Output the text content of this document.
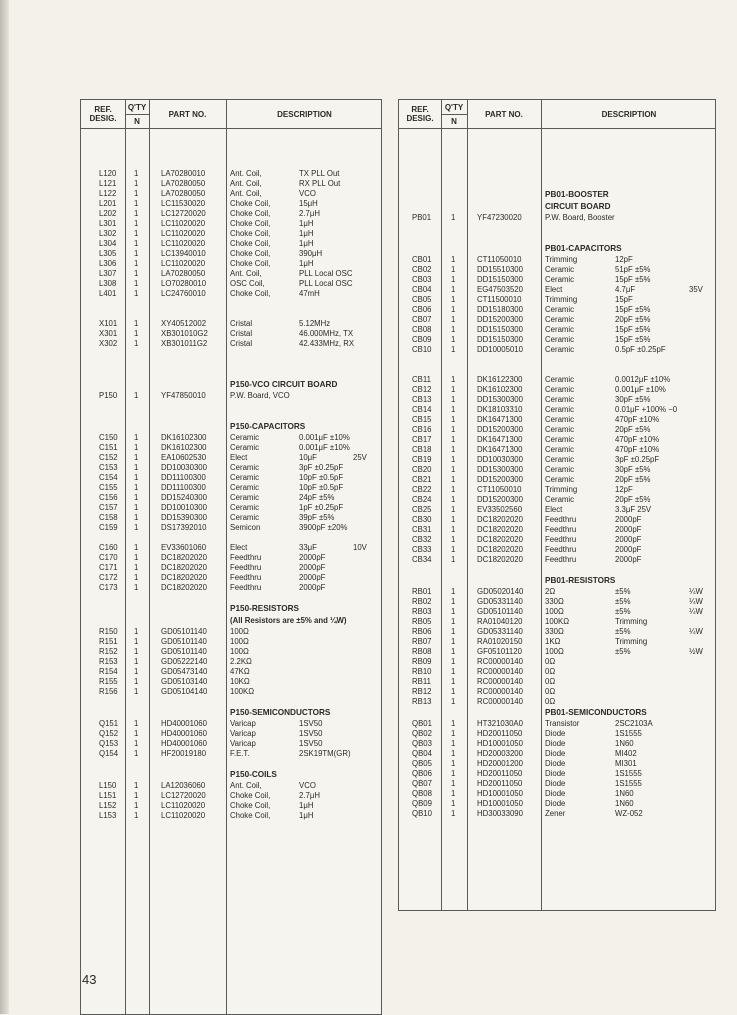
REF.
DESIG.
Q'TY
N
PART NO.	DESCRIPTION
L120 1	LA70280010	Ant. Coil,	TX PLL Out
L121 1	LA70280050	Ant. Coil,	RX PLL Out
L122 1	LA70280050	Ant. Coil,	VCO
L201 1	LC11530020	Choke Coil,	15μH
L202 1	LC12720020	Choke Coil,	2.7μH
L301 1	LC11020020	Choke Coil,	1μH
L302 1	LC11020020	Choke Coil,	1μH
L304 1	LC11020020	Choke Coil,	1μH
L305 1	LC13940010	Choke Coil,	390μH
L306 1	LC11020020	Choke Coil,	1μH
L307 1	LA70280050	Ant. Coil,	PLL Local OSC
L308 1	LO70280010	OSC Coil,	PLL Local OSC
L401 1	LC24760010	Choke Coil,	47mH
X101 1	XY40512002	Cristal	5.12MHz
X301 1	XB301010G2	Cristal	46.000MHz, TX
X302 1	XB301011G2	Cristal	42.433MHz, RX
P150-VCO CIRCUIT BOARD
P150 1	YF47850010	P.W. Board, VCO
P150-CAPACITORS
C150 1	DK16102300	Ceramic	0.001μF ±10%
C151 1	DK16102300	Ceramic	0.001μF ±10%
C152 1	EA10602530	Elect	10μF	25V
C153 1	DD10030300	Ceramic	3pF ±0.25pF
C154 1	DD11100300	Ceramic	10pF ±0.5pF
C155 1	DD11100300	Ceramic	10pF ±0.5pF
C156 1	DD15240300	Ceramic	24pF ±5%
C157 1	DD10010300	Ceramic	1pF ±0.25pF
C158 1	DD15390300	Ceramic	39pF ±5%
C159 1	DS17392010	Semicon	3900pF ±20%
C160 1	EV33601060	Elect	33μF	10V
C170 1	DC18202020	Feedthru	2000pF
C171 1	DC18202020	Feedthru	2000pF
C172 1	DC18202020	Feedthru	2000pF
C173 1	DC18202020	Feedthru	2000pF
P150-RESISTORS
(All Resistors are ±5% and ¼W)
R150 1	GD05101140	100Ω
R151 1	GD05101140	100Ω
R152 1	GD05101140	100Ω
R153 1	GD05222140	2.2KΩ
R154 1	GD05473140	47KΩ
R155 1	GD05103140	10KΩ
R156 1	GD05104140	100KΩ
P150-SEMICONDUCTORS
Q151 1	HD40001060	Varicap	1SV50
Q152 1	HD40001060	Varicap	1SV50
Q153 1	HD40001060	Varicap	1SV50
Q154 1	HF20019180	F.E.T.	2SK19TM(GR)
P150-COILS
L150 1	LA12036060	Ant. Coil,	VCO
L151 1	LC12720020	Choke Coil,	2.7μH
L152 1	LC11020020	Choke Coil,	1μH
L153 1	LC11020020	Choke Coil,	1μH
REF.
DESIG.
Q'TY
N
PART NO.	DESCRIPTION
PB01-BOOSTER
CIRCUIT BOARD
PB01	1	YF47230020	P.W. Board, Booster
PB01-CAPACITORS
CB01 1	CT11050010	Trimming	12pF
CB02 1	DD15510300	Ceramic	51pF ±5%
CB03 1	DD15150300	Ceramic	15pF ±5%
CB04 1	EG47503520	Elect	4.7μF	35V
CB05 1	CT11500010	Trimming	15pF
CB06 1	DD15180300	Ceramic	15pF ±5%
CB07 1	DD15200300	Ceramic	20pF ±5%
CB08 1	DD15150300	Ceramic	15pF ±5%
CB09 1	DD15150300	Ceramic	15pF ±5%
CB10 1	DD10005010	Ceramic	0.5pF ±0.25pF
CB11	1	DK16122300	Ceramic	0.0012μF ±10%
CB12 1	DK16102300	Ceramic	0.001μF ±10%
CB13 1	DD15300300	Ceramic	30pF ±5%
CB14 1	DK18103310	Ceramic	0.01μF +100% −0
CB15 1	DK16471300	Ceramic	470pF ±10%
CB16 1	DD15200300	Ceramic	20pF ±5%
CB17 1	DK16471300	Ceramic	470pF ±10%
CB18 1	DK16471300	Ceramic	470pF ±10%
CB19 1	DD10030300	Ceramic	3pF ±0.25pF
CB20 1	DD15300300	Ceramic	30pF ±5%
CB21 1	DD15200300	Ceramic	20pF ±5%
CB22 1	CT11050010	Trimming	12pF
CB24 1	DD15200300	Ceramic	20pF ±5%
CB25 1	EV33502560	Elect	3.3μF 25V
CB30 1	DC18202020	Feedthru	2000pF
CB31 1	DC18202020	Feedthru	2000pF
CB32 1	DC18202020	Feedthru	2000pF
CB33 1	DC18202020	Feedthru	2000pF
CB34 1	DC18202020	Feedthru	2000pF
PB01-RESISTORS
RB01 1	GD05020140	2Ω	±5%	¼W
RB02 1	GD05331140	330Ω	±5%	¼W
RB03 1	GD05101140	100Ω	±5%	¼W
RB05 1	RA01040120	100KΩ	Trimming
RB06 1	GD05331140	330Ω	±5%	¼W
RB07 1	RA01020150	1KΩ	Trimming
RB08 1	GF05101120	100Ω	±5%	½W
RB09 1	RC00000140	0Ω
RB10 1	RC00000140	0Ω
RB11	1	RC00000140	0Ω
RB12 1	RC00000140	0Ω
RB13 1	RC00000140	0Ω
PB01-SEMICONDUCTORS
QB01 1	HT321030A0	Transistor	2SC2103A
QB02 1	HD20011050	Diode	1S1555
QB03 1	HD10001050	Diode	1N60
QB04 1	HD20003200	Diode	MI402
QB05 1	HD20001200	Diode	MI301
QB06 1	HD20011050	Diode	1S1555
QB07 1	HD20011050	Diode	1S1555
QB08 1	HD10001050	Diode	1N60
QB09 1	HD10001050	Diode	1N60
QB10 1	HD30033090	Zener	WZ-052
43
